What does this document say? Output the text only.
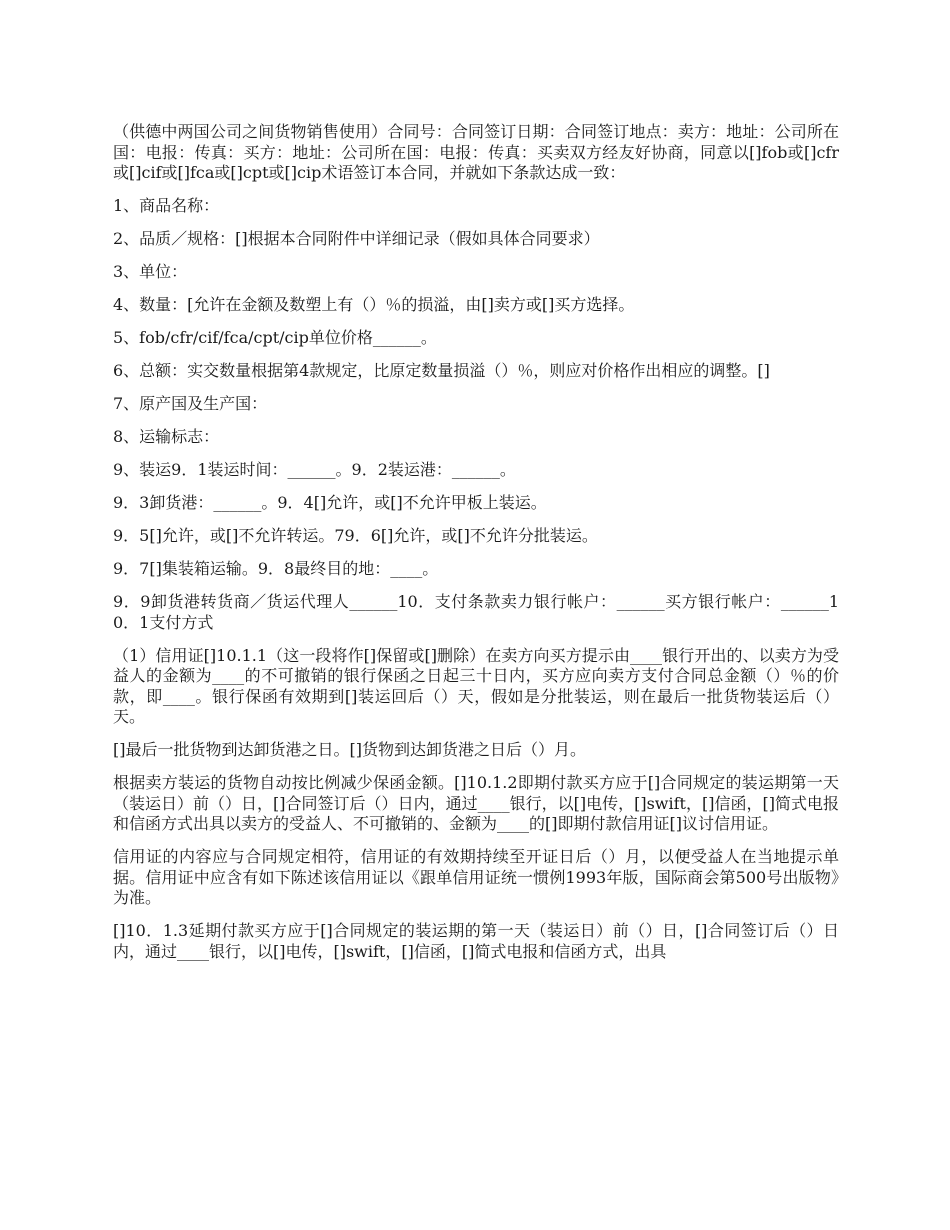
（供德中两国公司之间货物销售使用）合同号：合同签订日期：合同签订地点：卖方：地址：公司所在国：电报：传真：买方：地址：公司所在国：电报：传真：买卖双方经友好协商，同意以[]fob或[]cfr或[]cif或[]fca或[]cpt或[]cip术语签订本合同，并就如下条款达成一致：

1、商品名称：

2、品质／规格：[]根据本合同附件中详细记录（假如具体合同要求）

3、单位：

4、数量：[允许在金额及数塑上有（）％的损溢，由[]卖方或[]买方选择。

5、fob/cfr/cif/fca/cpt/cip单位价格______。

6、总额：实交数量根据第4款规定，比原定数量损溢（）％，则应对价格作出相应的调整。[]

7、原产国及生产国：

8、运输标志：

9、装运9．1装运时间：______。9．2装运港：______。

9．3卸货港：______。9．4[]允许，或[]不允许甲板上装运。

9．5[]允许，或[]不允许转运。79．6[]允许，或[]不允许分批装运。

9．7[]集装箱运输。9．8最终目的地：____。

9．9卸货港转货商／货运代理人______10．支付条款卖力银行帐户：______买方银行帐户：______10．1支付方式

（1）信用证[]10.1.1（这一段将作[]保留或[]删除）在卖方向买方提示由____银行开出的、以卖方为受益人的金额为____的不可撤销的银行保函之日起三十日内，买方应向卖方支付合同总金额（）％的价款，即____。银行保函有效期到[]装运回后（）天，假如是分批装运，则在最后一批货物装运后（）天。

[]最后一批货物到达卸货港之日。[]货物到达卸货港之日后（）月。

根据卖方装运的货物自动按比例减少保函金额。[]10.1.2即期付款买方应于[]合同规定的装运期第一天（装运日）前（）日，[]合同签订后（）日内，通过____银行，以[]电传，[]swift，[]信函，[]简式电报和信函方式出具以卖方的受益人、不可撤销的、金额为____的[]即期付款信用证[]议讨信用证。

信用证的内容应与合同规定相符，信用证的有效期持续至开证日后（）月，以便受益人在当地提示单据。信用证中应含有如下陈述该信用证以《跟单信用证统一惯例1993年版，国际商会第500号出版物》为准。

[]10．1.3延期付款买方应于[]合同规定的装运期的第一天（装运日）前（）日，[]合同签订后（）日内，通过____银行，以[]电传，[]swift，[]信函，[]简式电报和信函方式，出具
